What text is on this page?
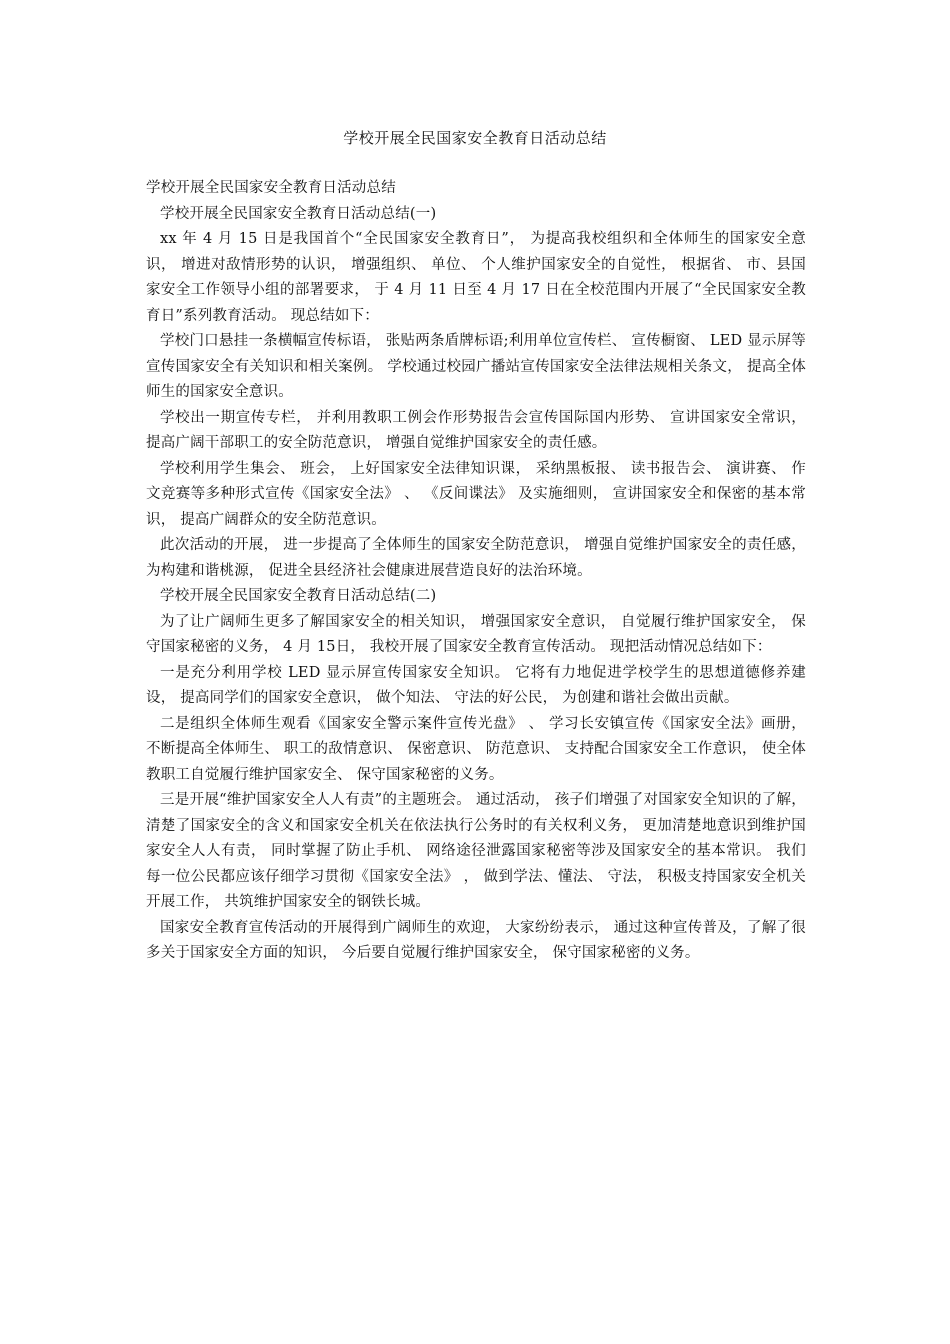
学校开展全民国家安全教育日活动总结

学校开展全民国家安全教育日活动总结

学校开展全民国家安全教育日活动总结(一)

xx 年 4 月 15 日是我国首个“全民国家安全教育日”， 为提高我校组织和全体师生的国家安全意识， 增进对敌情形势的认识， 增强组织、 单位、 个人维护国家安全的自觉性， 根据省、 市、县国家安全工作领导小组的部署要求， 于 4 月 11 日至 4 月 17 日在全校范围内开展了“全民国家安全教育日”系列教育活动。 现总结如下：

学校门口悬挂一条横幅宣传标语， 张贴两条盾牌标语;利用单位宣传栏、 宣传橱窗、 LED 显示屏等宣传国家安全有关知识和相关案例。 学校通过校园广播站宣传国家安全法律法规相关条文， 提高全体师生的国家安全意识。

学校出一期宣传专栏， 并利用教职工例会作形势报告会宣传国际国内形势、 宣讲国家安全常识， 提高广阔干部职工的安全防范意识， 增强自觉维护国家安全的责任感。

学校利用学生集会、 班会， 上好国家安全法律知识课， 采纳黑板报、 读书报告会、 演讲赛、 作文竞赛等多种形式宣传《国家安全法》 、 《反间谍法》 及实施细则， 宣讲国家安全和保密的基本常识， 提高广阔群众的安全防范意识。

此次活动的开展， 进一步提高了全体师生的国家安全防范意识， 增强自觉维护国家安全的责任感， 为构建和谐桃源， 促进全县经济社会健康进展营造良好的法治环境。

学校开展全民国家安全教育日活动总结(二)

为了让广阔师生更多了解国家安全的相关知识， 增强国家安全意识， 自觉履行维护国家安全， 保守国家秘密的义务， 4 月 15日， 我校开展了国家安全教育宣传活动。 现把活动情况总结如下：

一是充分利用学校 LED 显示屏宣传国家安全知识。 它将有力地促进学校学生的思想道德修养建设， 提高同学们的国家安全意识， 做个知法、 守法的好公民， 为创建和谐社会做出贡献。

二是组织全体师生观看《国家安全警示案件宣传光盘》 、 学习长安镇宣传《国家安全法》画册， 不断提高全体师生、 职工的敌情意识、 保密意识、 防范意识、 支持配合国家安全工作意识， 使全体教职工自觉履行维护国家安全、 保守国家秘密的义务。

三是开展“维护国家安全人人有责”的主题班会。 通过活动， 孩子们增强了对国家安全知识的了解， 清楚了国家安全的含义和国家安全机关在依法执行公务时的有关权利义务， 更加清楚地意识到维护国家安全人人有责， 同时掌握了防止手机、 网络途径泄露国家秘密等涉及国家安全的基本常识。 我们每一位公民都应该仔细学习贯彻《国家安全法》 ， 做到学法、懂法、 守法， 积极支持国家安全机关开展工作， 共筑维护国家安全的钢铁长城。

国家安全教育宣传活动的开展得到广阔师生的欢迎， 大家纷纷表示， 通过这种宣传普及，了解了很多关于国家安全方面的知识， 今后要自觉履行维护国家安全， 保守国家秘密的义务。
